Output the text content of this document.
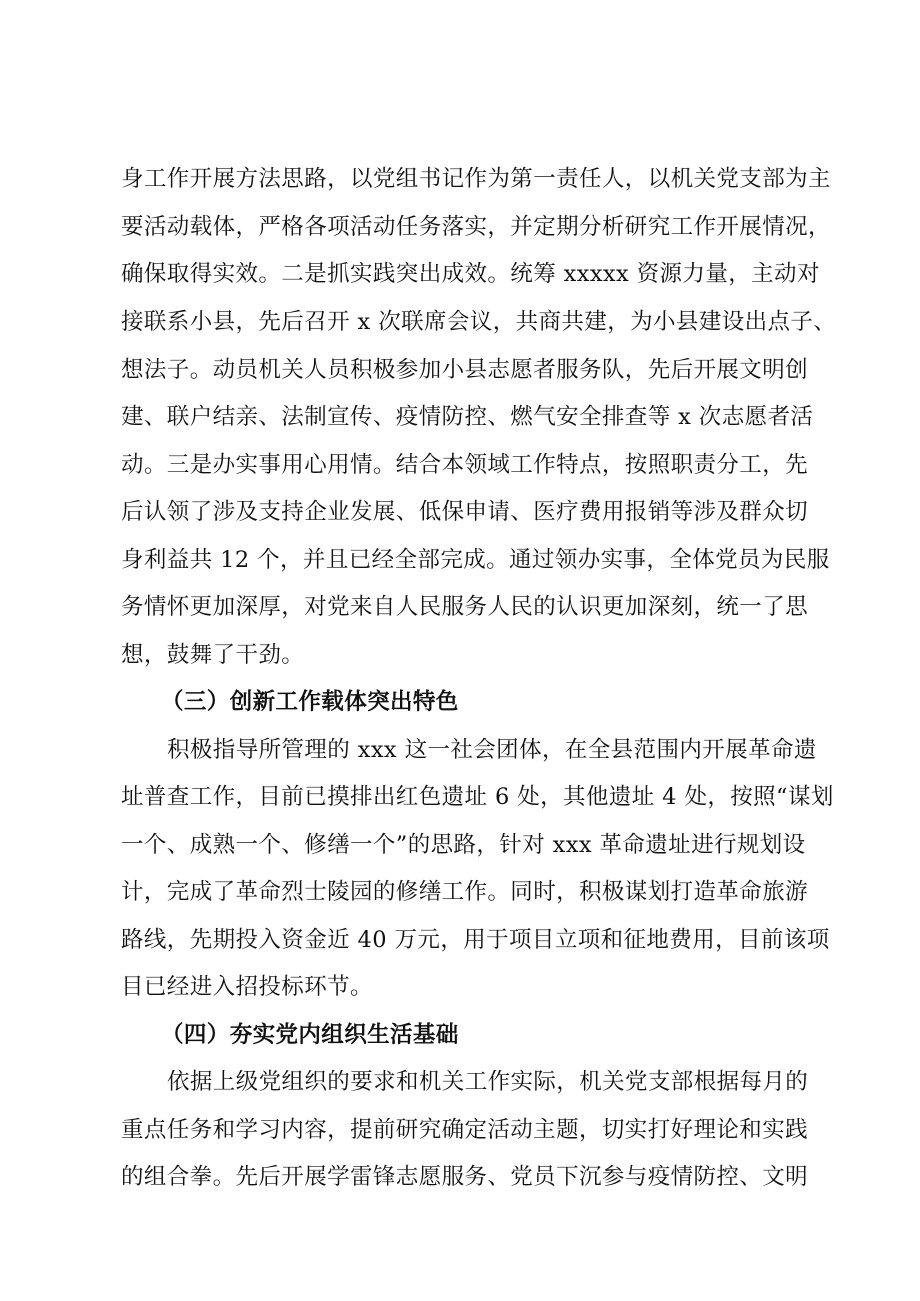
身工作开展方法思路，以党组书记作为第一责任人，以机关党支部为主
要活动载体，严格各项活动任务落实，并定期分析研究工作开展情况，
确保取得实效。二是抓实践突出成效。统筹 xxxxx 资源力量，主动对
接联系小县，先后召开 x 次联席会议，共商共建，为小县建设出点子、
想法子。动员机关人员积极参加小县志愿者服务队，先后开展文明创
建、联户结亲、法制宣传、疫情防控、燃气安全排查等 x 次志愿者活
动。三是办实事用心用情。结合本领域工作特点，按照职责分工，先
后认领了涉及支持企业发展、低保申请、医疗费用报销等涉及群众切
身利益共 12 个，并且已经全部完成。通过领办实事，全体党员为民服
务情怀更加深厚，对党来自人民服务人民的认识更加深刻，统一了思
想，鼓舞了干劲。
（三）创新工作载体突出特色
积极指导所管理的 xxx 这一社会团体，在全县范围内开展革命遗
址普查工作，目前已摸排出红色遗址 6 处，其他遗址 4 处，按照“谋划
一个、成熟一个、修缮一个”的思路，针对 xxx 革命遗址进行规划设
计，完成了革命烈士陵园的修缮工作。同时，积极谋划打造革命旅游
路线，先期投入资金近 40 万元，用于项目立项和征地费用，目前该项
目已经进入招投标环节。
（四）夯实党内组织生活基础
依据上级党组织的要求和机关工作实际，机关党支部根据每月的
重点任务和学习内容，提前研究确定活动主题，切实打好理论和实践
的组合拳。先后开展学雷锋志愿服务、党员下沉参与疫情防控、文明
